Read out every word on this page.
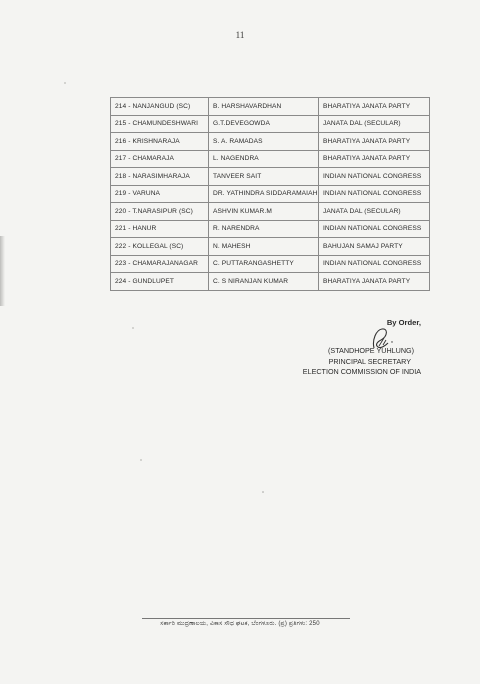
11
214 - NANJANGUD (SC)	B. HARSHAVARDHAN	BHARATIYA JANATA PARTY
215 - CHAMUNDESHWARI	G.T.DEVEGOWDA	JANATA DAL (SECULAR)
216 - KRISHNARAJA	S. A. RAMADAS	BHARATIYA JANATA PARTY
217 - CHAMARAJA	L. NAGENDRA	BHARATIYA JANATA PARTY
218 - NARASIMHARAJA	TANVEER SAIT	INDIAN NATIONAL CONGRESS
219 - VARUNA	DR. YATHINDRA SIDDARAMAIAH	INDIAN NATIONAL CONGRESS
220 - T.NARASIPUR (SC)	ASHVIN KUMAR.M	JANATA DAL (SECULAR)
221 - HANUR	R. NARENDRA	INDIAN NATIONAL CONGRESS
222 - KOLLEGAL (SC)	N. MAHESH	BAHUJAN SAMAJ PARTY
223 - CHAMARAJANAGAR	C. PUTTARANGASHETTY	INDIAN NATIONAL CONGRESS
224 - GUNDLUPET	C. S NIRANJAN KUMAR	BHARATIYA JANATA PARTY
By Order,
(STANDHOPE YUHLUNG)
PRINCIPAL SECRETARY
ELECTION COMMISSION OF INDIA
ಸರ್ಕಾರಿ ಮುದ್ರಣಾಲಯ, ವಿಕಾಸ ಸೌಧ ಘಟಕ, ಬೆಂಗಳೂರು. (ಪ್ರ) ಪ್ರತಿಗಳು: 250
